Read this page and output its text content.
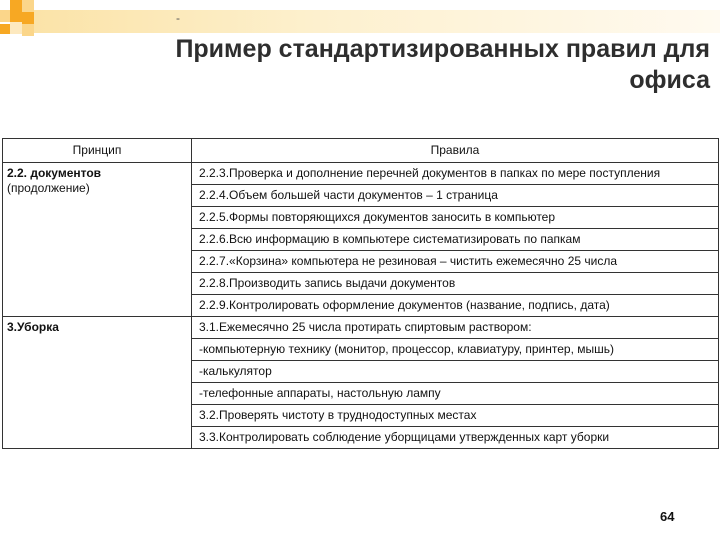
-
Пример стандартизированных правил для офиса
Принцип	Правила

2.2. документов
(продолжение)	2.2.3.Проверка и дополнение перечней документов в папках по мере поступления
	2.2.4.Объем большей части документов – 1 страница
	2.2.5.Формы повторяющихся документов заносить в компьютер
	2.2.6.Всю информацию в компьютере систематизировать по папкам
	2.2.7.«Корзина» компьютера не резиновая – чистить ежемесячно 25 числа
	2.2.8.Производить запись выдачи документов
	2.2.9.Контролировать оформление документов (название, подпись, дата)

3.Уборка	3.1.Ежемесячно 25 числа протирать спиртовым раствором:
	-компьютерную технику (монитор, процессор, клавиатуру, принтер, мышь)
	-калькулятор
	-телефонные аппараты, настольную лампу
	3.2.Проверять чистоту в труднодоступных местах
	3.3.Контролировать соблюдение уборщицами утвержденных карт уборки
64
